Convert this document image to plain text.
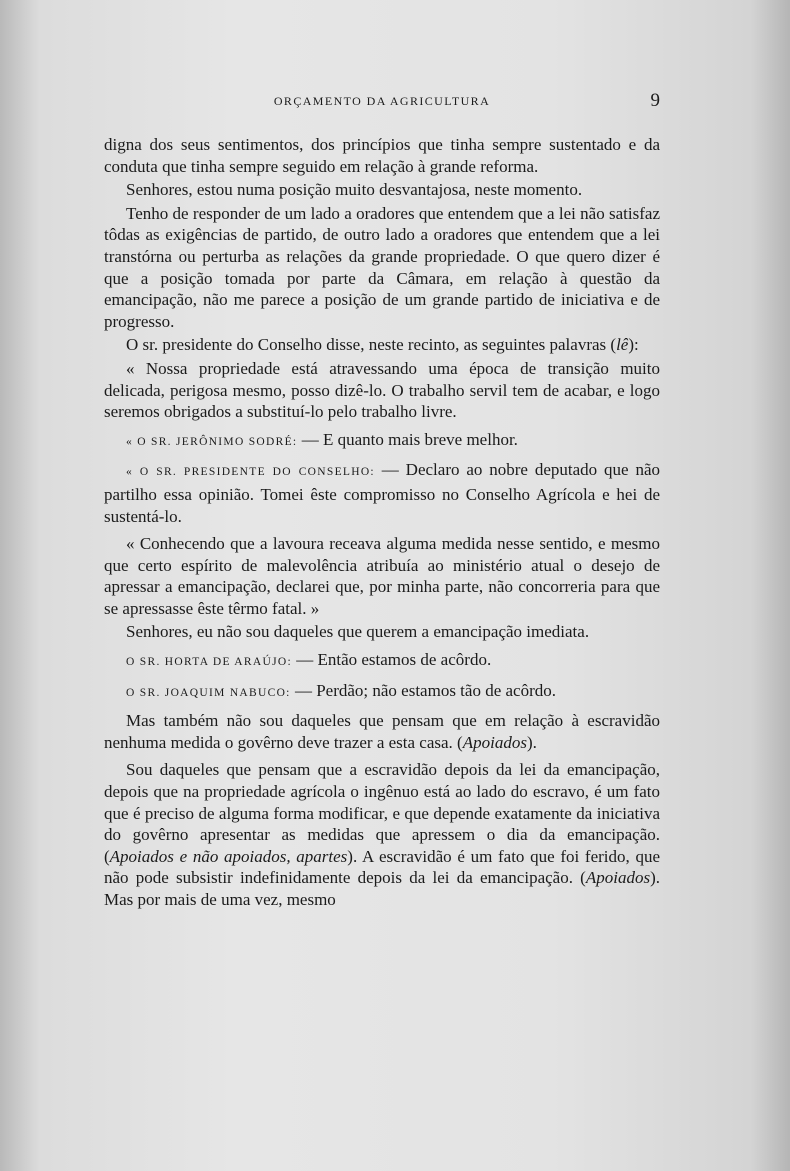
ORÇAMENTO DA AGRICULTURA	9

digna dos seus sentimentos, dos princípios que tinha sempre sustentado e da conduta que tinha sempre seguido em relação à grande reforma.

Senhores, estou numa posição muito desvantajosa, neste momento.

Tenho de responder de um lado a oradores que entendem que a lei não satisfaz tôdas as exigências de partido, de outro lado a oradores que entendem que a lei transtórna ou perturba as relações da grande propriedade. O que quero dizer é que a posição tomada por parte da Câmara, em relação à questão da emancipação, não me parece a posição de um grande partido de iniciativa e de progresso.

O sr. presidente do Conselho disse, neste recinto, as seguintes palavras (lê):

« Nossa propriedade está atravessando uma época de transição muito delicada, perigosa mesmo, posso dizê-lo. O trabalho servil tem de acabar, e logo seremos obrigados a substituí-lo pelo trabalho livre.

« O SR. JERÔNIMO SODRÉ: — E quanto mais breve melhor.

« O SR. PRESIDENTE DO CONSELHO: — Declaro ao nobre deputado que não partilho essa opinião. Tomei êste compromisso no Conselho Agrícola e hei de sustentá-lo.

« Conhecendo que a lavoura receava alguma medida nesse sentido, e mesmo que certo espírito de malevolência atribuía ao ministério atual o desejo de apressar a emancipação, declarei que, por minha parte, não concorreria para que se apressasse êste têrmo fatal. »

Senhores, eu não sou daqueles que querem a emancipação imediata.

O SR. HORTA DE ARAÚJO: — Então estamos de acôrdo.

O SR. JOAQUIM NABUCO: — Perdão; não estamos tão de acôrdo.

Mas também não sou daqueles que pensam que em relação à escravidão nenhuma medida o govêrno deve trazer a esta casa. (Apoiados).

Sou daqueles que pensam que a escravidão depois da lei da emancipação, depois que na propriedade agrícola o ingênuo está ao lado do escravo, é um fato que é preciso de alguma forma modificar, e que depende exatamente da iniciativa do govêrno apresentar as medidas que apressem o dia da emancipação. (Apoiados e não apoiados, apartes). A escravidão é um fato que foi ferido, que não pode subsistir indefinidamente depois da lei da emancipação. (Apoiados). Mas por mais de uma vez, mesmo
